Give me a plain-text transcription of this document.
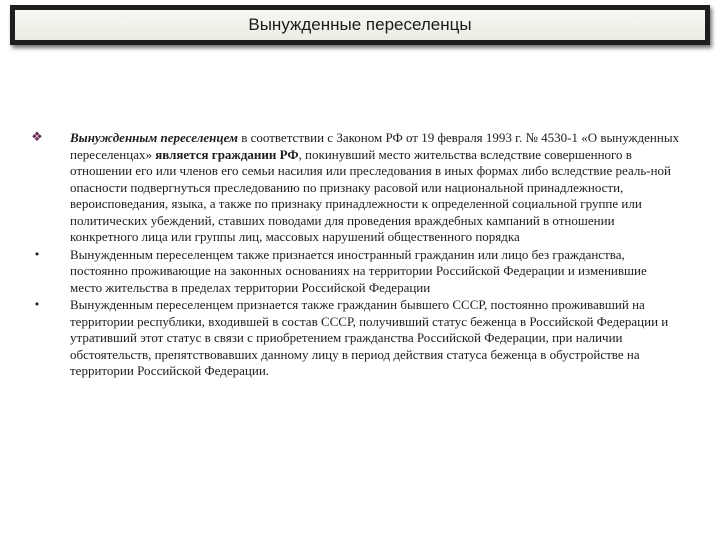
Вынужденные переселенцы
❖ Вынужденным переселенцем в соответствии с Законом РФ от 19 февраля 1993 г. № 4530-1 «О вынужденных переселенцах» является гражданин РФ, покинувший место жительства вследствие совершенного в отношении его или членов его семьи насилия или преследования в иных формах либо вследствие реаль-ной опасности подвергнуться преследованию по признаку расовой или национальной принадлежности, вероисповедания, языка, а также по признаку принадлежности к определенной социальной группе или политических убеждений, ставших поводами для проведения враждебных кампаний в отношении конкретного лица или группы лиц, массовых нарушений общественного порядка
• Вынужденным переселенцем также признается иностранный гражданин или лицо без гражданства, постоянно проживающие на законных основаниях на территории Российской Федерации и изменившие место жительства в пределах территории Российской Федерации
• Вынужденным переселенцем признается также гражданин бывшего СССР, постоянно проживавший на территории республики, входившей в состав СССР, получивший статус беженца в Российской Федерации и утративший этот статус в связи с приобретением гражданства Российской Федерации, при наличии обстоятельств, препятствовавших данному лицу в период действия статуса беженца в обустройстве на территории Российской Федерации.
